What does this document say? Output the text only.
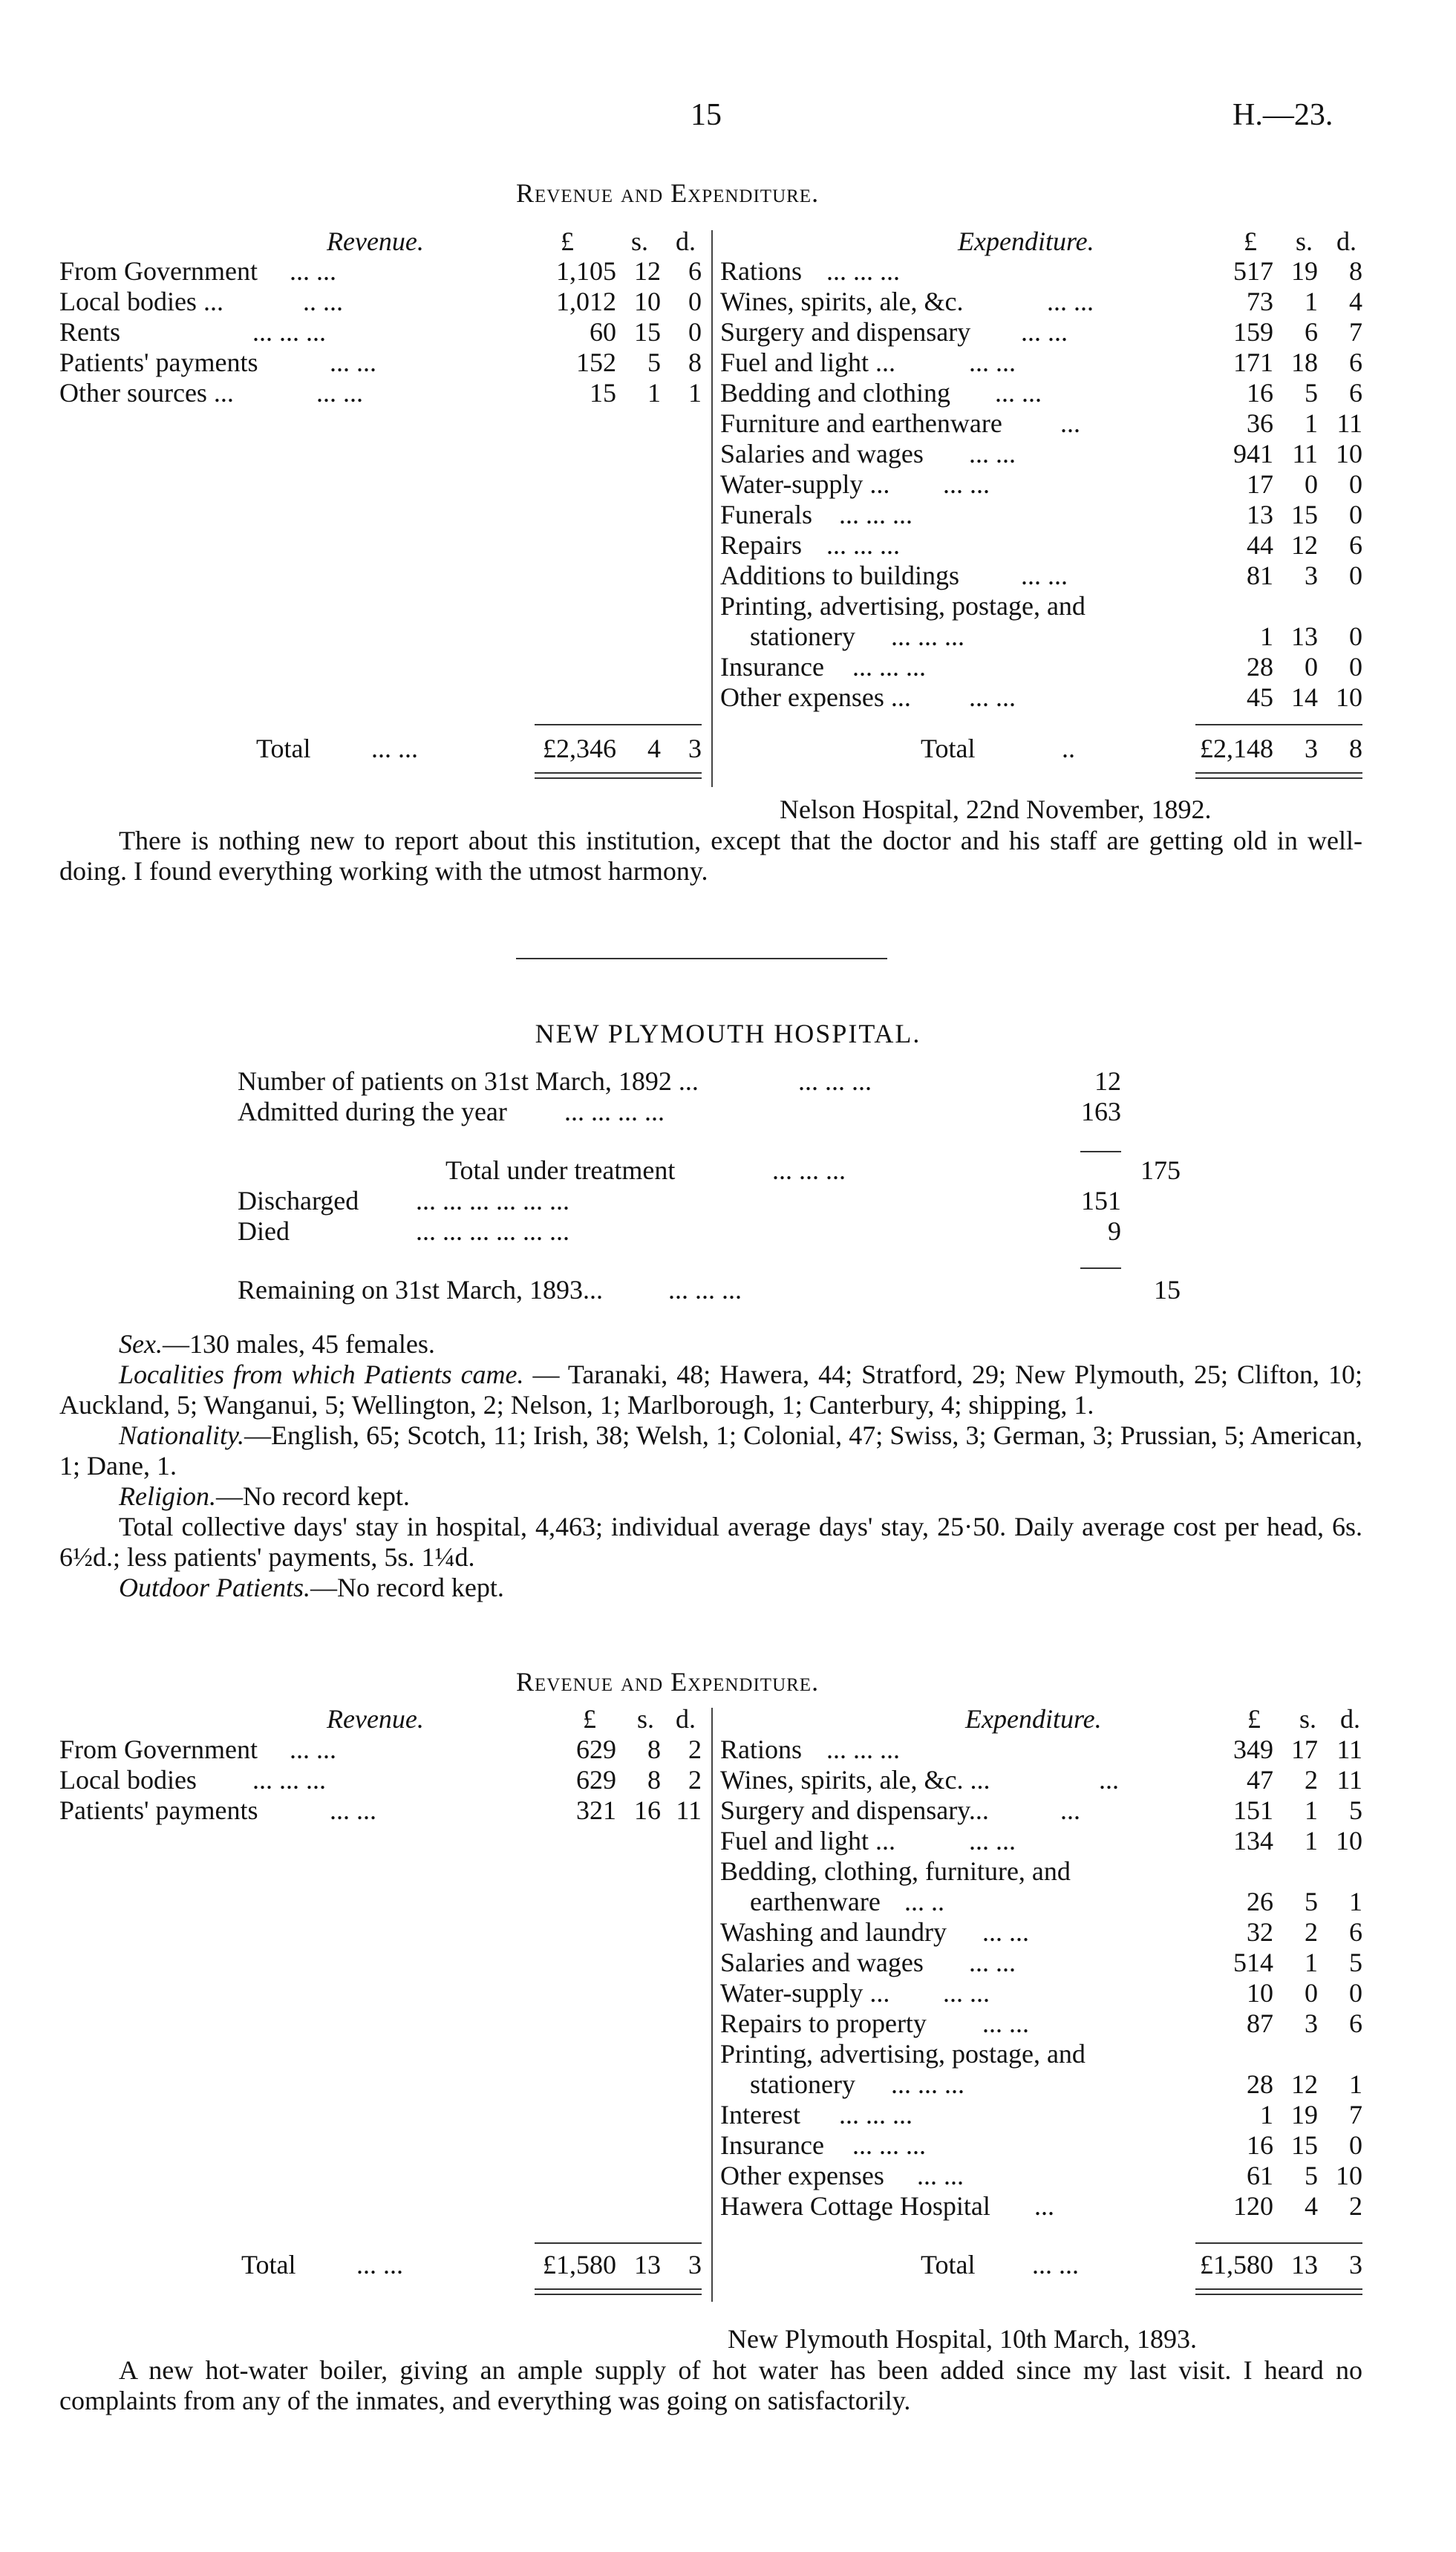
15	H.—23.
Revenue and Expenditure.
Revenue.	£ s. d.	Expenditure.	£ s. d.
From Government ... ...	1,105 12 6
Local bodies ...	.. ...	1,012 10 0
Rents	... ... ...	60 15 0
Patients' payments	... ...	152 5 8
Other sources ...	... ...	15 1 1
Rations ... ... ...	517 19 8
Wines, spirits, ale, &c.	... ...	73 1 4
Surgery and dispensary ... ...	159 6 7
Fuel and light ...	... ...	171 18 6
Bedding and clothing ... ...	16 5 6
Furniture and earthenware ...	36 1 11
Salaries and wages ... ...	941 11 10
Water-supply ... ... ...	17 0 0
Funerals ... ... ...	13 15 0
Repairs ... ... ...	44 12 6
Additions to buildings ... ...	81 3 0
Printing, advertising, postage, and
stationery ... ... ...	1 13 0
Insurance ... ... ...	28 0 0
Other expenses ... ... ...	45 14 10
Total ... ...	£2,346 4 3	Total	..	£2,148 3 8
Nelson Hospital, 22nd November, 1892.
There is nothing new to report about this institution, except that the doctor and his staff are getting old in well-doing. I found everything working with the utmost harmony.
NEW PLYMOUTH HOSPITAL.
Number of patients on 31st March, 1892 ...	... ... ...	12
Admitted during the year ... ... ... ...	163
Total under treatment	... ... ...	175
Discharged ... ... ... ... ... ...	151
Died	... ... ... ... ... ...	9
Remaining on 31st March, 1893... ... ... ...	15

Sex.—130 males, 45 females.

Localities from which Patients came. — Taranaki, 48; Hawera, 44; Stratford, 29; New Plymouth, 25; Clifton, 10; Auckland, 5; Wanganui, 5; Wellington, 2; Nelson, 1; Marlborough, 1; Canterbury, 4; shipping, 1.

Nationality.—English, 65; Scotch, 11; Irish, 38; Welsh, 1; Colonial, 47; Swiss, 3; German, 3; Prussian, 5; American, 1; Dane, 1.

Religion.—No record kept.

Total collective days' stay in hospital, 4,463; individual average days' stay, 25·50. Daily average cost per head, 6s. 6½d.; less patients' payments, 5s. 1¼d.

Outdoor Patients.—No record kept.

Revenue and Expenditure.
Revenue.	£ s. d.	Expenditure.	£ s. d.
From Government ... ...	629 8 2
Local bodies ... ... ...	629 8 2
Patients' payments	... ...	321 16 11
Rations ... ... ...	349 17 11
Wines, spirits, ale, &c. ...	...	47 2 11
Surgery and dispensary...	...	151 1 5
Fuel and light ...	... ...	134 1 10
Bedding, clothing, furniture, and
earthenware ... ..	26 5 1
Washing and laundry ... ...	32 2 6
Salaries and wages ... ...	514 1 5
Water-supply ... ... ...	10 0 0
Repairs to property ... ...	87 3 6
Printing, advertising, postage, and
stationery ... ... ...	28 12 1
Interest ... ... ...	1 19 7
Insurance ... ... ...	16 15 0
Other expenses ... ...	61 5 10
Hawera Cottage Hospital ...	120 4 2
Total ... ...	£1,580 13 3	Total ... ...	£1,580 13 3
New Plymouth Hospital, 10th March, 1893.
A new hot-water boiler, giving an ample supply of hot water has been added since my last visit. I heard no complaints from any of the inmates, and everything was going on satisfactorily.
